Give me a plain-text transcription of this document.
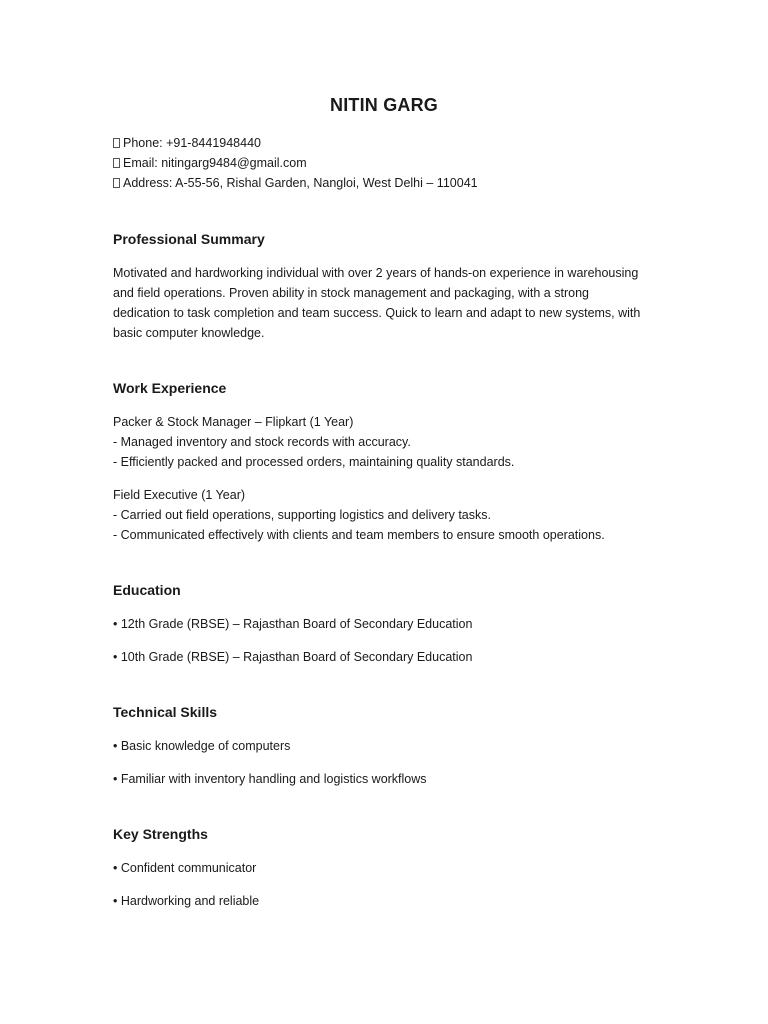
NITIN GARG
Phone: +91-8441948440
Email: nitingarg9484@gmail.com
Address: A-55-56, Rishal Garden, Nangloi, West Delhi – 110041
Professional Summary
Motivated and hardworking individual with over 2 years of hands-on experience in warehousing
and field operations. Proven ability in stock management and packaging, with a strong
dedication to task completion and team success. Quick to learn and adapt to new systems, with
basic computer knowledge.
Work Experience
Packer & Stock Manager – Flipkart (1 Year)
- Managed inventory and stock records with accuracy.
- Efficiently packed and processed orders, maintaining quality standards.
Field Executive (1 Year)
- Carried out field operations, supporting logistics and delivery tasks.
- Communicated effectively with clients and team members to ensure smooth operations.
Education
• 12th Grade (RBSE) – Rajasthan Board of Secondary Education
• 10th Grade (RBSE) – Rajasthan Board of Secondary Education
Technical Skills
• Basic knowledge of computers
• Familiar with inventory handling and logistics workflows
Key Strengths
• Confident communicator
• Hardworking and reliable
